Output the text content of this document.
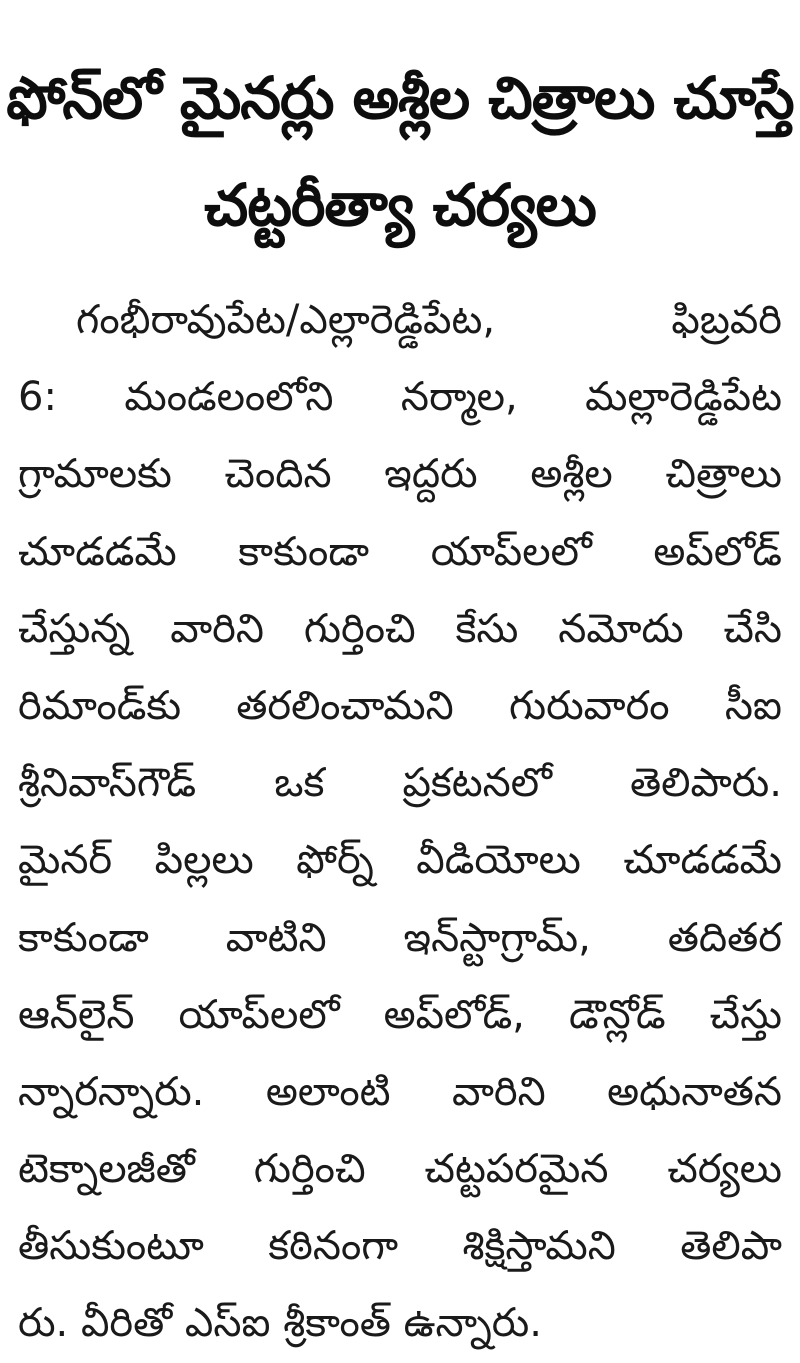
ఫోన్‌లో మైనర్లు అశ్లీల చిత్రాలు చూస్తే
చట్టరీత్యా చర్యలు
గంభీరావుపేట/ఎల్లారెడ్డిపేట, ఫిబ్రవరి
6: మండలంలోని నర్మాల, మల్లారెడ్డిపేట
గ్రామాలకు చెందిన ఇద్దరు అశ్లీల చిత్రాలు
చూడడమే కాకుండా యాప్‌లలో అప్‌లోడ్
చేస్తున్న వారిని గుర్తించి కేసు నమోదు చేసి
రిమాండ్‌కు తరలించామని గురువారం సీఐ
శ్రీనివాస్‌గౌడ్ ఒక ప్రకటనలో తెలిపారు.
మైనర్ పిల్లలు ఫోర్న్ వీడియోలు చూడడమే
కాకుండా వాటిని ఇన్‌స్టాగ్రామ్, తదితర
ఆన్‌లైన్ యాప్‌లలో అప్‌లోడ్, డౌన్లోడ్ చేస్తు
న్నారన్నారు. అలాంటి వారిని అధునాతన
టెక్నాలజీతో గుర్తించి చట్టపరమైన చర్యలు
తీసుకుంటూ కఠినంగా శిక్షిస్తామని తెలిపా
రు. వీరితో ఎస్ఐ శ్రీకాంత్ ఉన్నారు.
